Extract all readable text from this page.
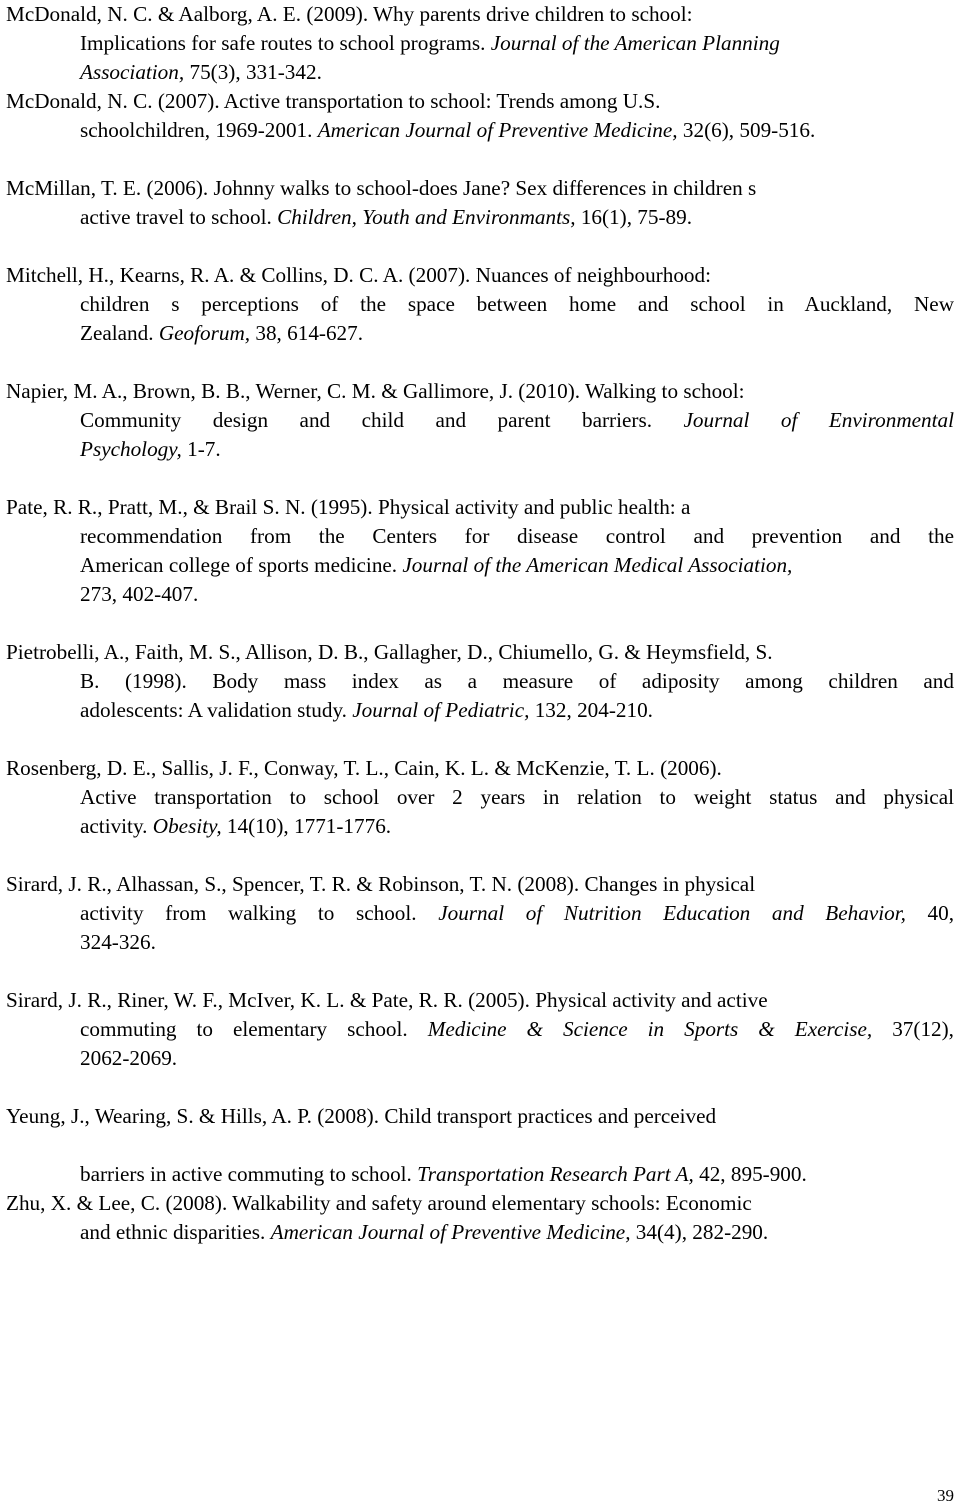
McDonald, N. C. & Aalborg, A. E. (2009). Why parents drive children to school:
Implications for safe routes to school programs. Journal of the American Planning
Association, 75(3), 331-342.
McDonald, N. C. (2007). Active transportation to school: Trends among U.S.
schoolchildren, 1969-2001. American Journal of Preventive Medicine, 32(6), 509-516.
McMillan, T. E. (2006). Johnny walks to school-does Jane? Sex differences in children s
active travel to school. Children, Youth and Environmants, 16(1), 75-89.
Mitchell, H., Kearns, R. A. & Collins, D. C. A. (2007). Nuances of neighbourhood:
children s perceptions of the space between home and school in Auckland, New
Zealand. Geoforum, 38, 614-627.
Napier, M. A., Brown, B. B., Werner, C. M. & Gallimore, J. (2010). Walking to school:
Community design and child and parent barriers. Journal of Environmental
Psychology, 1-7.
Pate, R. R., Pratt, M., & Brail S. N. (1995). Physical activity and public health: a
recommendation from the Centers for disease control and prevention and the
American college of sports medicine. Journal of the American Medical Association,
273, 402-407.
Pietrobelli, A., Faith, M. S., Allison, D. B., Gallagher, D., Chiumello, G. & Heymsfield, S.
B. (1998). Body mass index as a measure of adiposity among children and
adolescents: A validation study. Journal of Pediatric, 132, 204-210.
Rosenberg, D. E., Sallis, J. F., Conway, T. L., Cain, K. L. & McKenzie, T. L. (2006).
Active transportation to school over 2 years in relation to weight status and physical
activity. Obesity, 14(10), 1771-1776.
Sirard, J. R., Alhassan, S., Spencer, T. R. & Robinson, T. N. (2008). Changes in physical
activity from walking to school. Journal of Nutrition Education and Behavior, 40,
324-326.
Sirard, J. R., Riner, W. F., McIver, K. L. & Pate, R. R. (2005). Physical activity and active
commuting to elementary school. Medicine & Science in Sports & Exercise, 37(12),
2062-2069.
Yeung, J., Wearing, S. & Hills, A. P. (2008). Child transport practices and perceived
barriers in active commuting to school. Transportation Research Part A, 42, 895-900.
Zhu, X. & Lee, C. (2008). Walkability and safety around elementary schools: Economic
and ethnic disparities. American Journal of Preventive Medicine, 34(4), 282-290.
39
